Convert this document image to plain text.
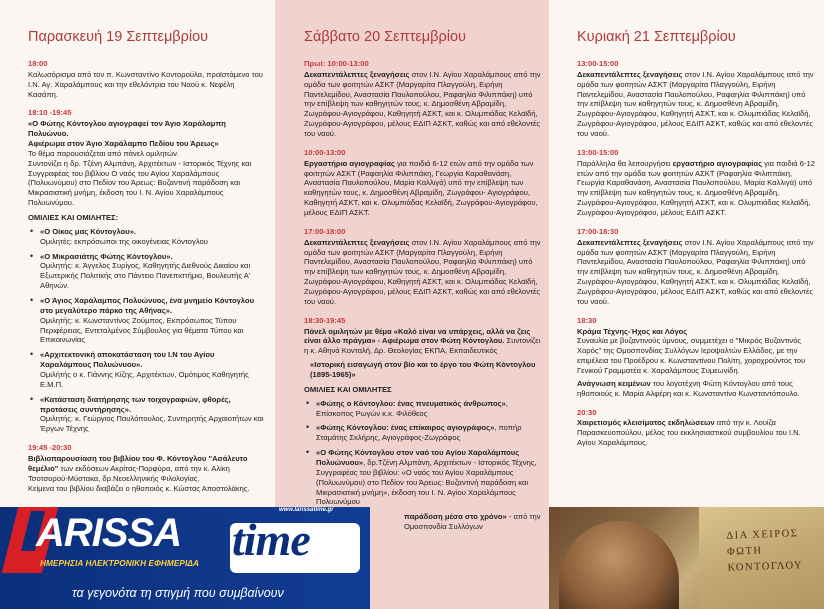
Παρασκευή 19 Σεπτεμβρίου
18:00

Καλωσόρισμα από τον π. Κωνσταντίνο Κοντορούλα, προϊστάμενο του Ι.Ν. Αγ. Χαραλάμπους και την εθελόντρια του Ναού κ. Νεφέλη Κασάπη.

18:10 -19:45

«Ο Φώτης Κόντογλου αγιογραφεί τον Άγιο Χαράλαμπη Πολυώνυο.

Αφιέρωμα στον Άγιο Χαράλαμπο Πεδίου του Άρεως»

Το θέμα παρουσιάζεται από πάνελ ομιλητών.
Συντονίζει η δρ. Τζένη Αλμπάνη, Αρχιτέκτων - Ιστορικός Τέχνης και Συγγραφέας του βιβλίου Ο ναός του Αγίου Χαραλάμπους (Πολυωνύμου) στο Πεδίον του Άρεως: Βυζαντινή παράδοση και Μικρασιατική μνήμη, έκδοση του Ι. Ν. Αγίου Χαραλάμπους Πολυωνύμου.

ΟΜΙΛΙΕΣ ΚΑΙ ΟΜΙΛΗΤΕΣ:
• «Ο Οίκος μας Κόντογλου».
Ομιλητές: εκπρόσωποι της οικογένειας Κόντογλου
• «Ο Μικρασιάτης Φώτης Κόντογλου».
Ομιλητής: κ. Άγγελος Συρίγος, Καθηγητής Διεθνούς Δικαίου και Εξωτερικής Πολιτικής στο Πάντειο Πανεπιστήμιο, Βουλευτής Α' Αθηνών.
• «Ο Άγιος Χαράλαμπος Πολυώνυος, ένα μνημείο Κόντογλου στο μεγαλύτερο πάρκο της Αθήνας».
Ομιλητής: κ. Κωνσταντίνος Ζούμπος, Εκπρόσωπος Τύπου Περιφέρειας, Εντεταλμένος Σύμβουλος για θέματα Τύπου και Επικοινωνίας
• «Αρχιτεκτονική αποκατάσταση του Ι.Ν του Αγίου Χαραλάμπους Πολυώνυου».
Ομιλήτής ο κ. Γιάννης Κίζης, Αρχιτέκτων, Ομότιμος Καθηγητής Ε.Μ.Π.
• «Κατάσταση διατήρησης των τοιχογραφιών, φθορές, προτάσεις συντήρησης».
Ομιλητής: κ. Γεώργιος Παυλόπουλος, Συντηρητής Αρχαιοτήτων και Έργων Τέχνης
19:45 -20:30

Βιβλιοπαρουσίαση του βιβλίου του Φ. Κόντογλου "Ασάλευτο θεμέλιο" των εκδόσεων Ακρίτας-Πορφύρα, από την κ. Αλίκη Τσοτσορού-Μύστακα, δρ.Νεοελληνικής Φιλολογίας.
Κείμενα του βιβλίου διαβάζει ο ηθοποιός κ. Κώστας Αποστολάκης.

Σάββατο 20 Σεπτεμβρίου
Πρωί: 10:00-13:00

Δεκαπεντάλεπτες ξεναγήσεις στον Ι.Ν. Αγίου Χαραλάμπους από την ομάδα των φοιτητών ΑΣΚΤ (Μαργαρίτα Πλαγγούλη, Ειρήνη Παντελεμίδου, Αναστασία Παυλοπούλου, Ραφαηλία Φιλιππάκη) υπό την επίβλεψη των καθηγητών τους, κ. Δημοσθένη Αβραμίδη, Ζωγράφου-Αγιογράφου, Καθηγητή ΑΣΚΤ, και κ. Ολυμπιάδας Κελαϊδή, Ζωγράφου-Αγιογράφου, μέλους ΕΔΙΠ ΑΣΚΤ, καθώς και από εθελοντές του ναού.

10:00-13:00

Εργαστήριο αγιογραφίας για παιδιά 6-12 ετών από την ομάδα των φοιτητών ΑΣΚΤ (Ραφαηλία Φιλιππάκη, Γεωργία Καραθανάση, Αναστασία Παυλοπούλου, Μαρία Καλλιγά) υπό την επίβλεψη των καθηγητών τους, κ. Δημοσθένη Αβραμίδη, Ζωγράφου- Αγιογράφου, Καθηγητή ΑΣΚΤ, και κ. Ολυμπιάδας Κελαϊδή, Ζωγράφου-Αγιογράφου, μέλους ΕΔΙΠ ΑΣΚΤ.

17:00-18:00

Δεκαπεντάλεπτες ξεναγήσεις στον Ι.Ν. Αγίου Χαραλάμπους από την ομάδα των φοιτητών ΑΣΚΤ (Μαργαρίτα Πλαγγούλη, Ειρήνη Παντελεμίδου, Αναστασία Παυλοπούλου, Ραφαηλία Φιλιππάκη) υπό την επίβλεψη των καθηγητών τους, κ. Δημοσθένη Αβραμίδη, Ζωγράφου-Αγιογράφου, Καθηγητή ΑΣΚΤ, και κ. Ολυμπιάδας Κελαϊδή, Ζωγράφου-Αγιογράφου, μέλους ΕΔΙΠ ΑΣΚΤ, καθώς και από εθελοντές του ναού.

18:30-19:45

Πάνελ ομιλητών με θέμα «Καλό είναι να υπάρχεις, αλλά να ζεις είναι άλλο πράγμα» - Αφιέρωμα στον Φώτη Κόντογλου. Συντονίζει η κ. Αθηνά Κονταλή, Δρ. Θεολογίας ΕΚΠΑ, Εκπαιδευτικός

«Ιστορική εισαγωγή στον βίο και το έργο του Φώτη Κόντογλου (1895-1965)»

ΟΜΙΛΙΕΣ ΚΑΙ ΟΜΙΛΗΤΕΣ
• «Φώτης ο Κόντογλου: ένας πνευματικός άνθρωπος», Επίσκοπος Ρωγών κ.κ. Φιλόθεος
• «Φώτης Κόντογλου: ένας επίκαιρος αγιογράφος», ποπήρ Σταμάτης Σκλήρης, Αγιογράφος-Ζωγράφος
• «Ο Φώτης Κόντογλου στον ναό του Αγίου Χαραλάμπους Πολυώνυου», δρ.Τζένη Αλμπάνη, Αρχιτέκτων - Ιστορικός Τέχνης, Συγγραφέας του βιβλίου: «Ο ναός του Αγίου Χαραλάμπους (Πολυωνύμου) στο Πεδίον του Άρεως: Βυζαντινή παράδοση και Μικρασιατική μνήμη», έκδοση του Ι. Ν. Αγίου Χαραλάμπους Πολυωνύμου

παράδοση μέσα στο χρόνο» - από την Ομοσπονδία Συλλόγων

Κυριακή 21 Σεπτεμβρίου
13:00-15:00

Δεκαπεντάλεπτες ξεναγήσεις στον Ι.Ν. Αγίου Χαραλάμπους από την ομάδα των φοιτητών ΑΣΚΤ (Μαργαρίτα Πλαγγούλη, Ειρήνη Παντελεμίδου, Αναστασία Παυλοπούλου, Ραφαηλία Φιλιππάκη) υπό την επίβλεψη των καθηγητών τους, κ. Δημοσθένη Αβραμίδη, Ζωγράφου-Αγιογράφου, Καθηγητή ΑΣΚΤ, και κ. Ολυμπιάδας Κελαϊδή, Ζωγράφου-Αγιογράφου, μέλους ΕΔΙΠ ΑΣΚΤ, καθώς και από εθελοντές του ναού.

13:00-15:00

Παράλληλα θα λειτουργήσει εργαστήριο αγιογραφίας για παιδιά 6-12 ετών από την ομάδα των φοιτητών ΑΣΚΤ (Ραφαηλία Φιλιππάκη, Γεωργία Καραθανάση, Αναστασία Παυλοπούλου, Μαρία Καλλιγά) υπό την επίβλεψη των καθηγητών τους, κ. Δημοσθένη Αβραμίδη, Ζωγράφου-Αγιογράφου, Καθηγητή ΑΣΚΤ, και κ. Ολυμπιάδας Κελαϊδή, Ζωγράφου-Αγιογράφου, μέλους ΕΔΙΠ ΑΣΚΤ.

17:00-18:30

Δεκαπεντάλεπτες ξεναγήσεις στον Ι.Ν. Αγίου Χαραλάμπους από την ομάδα των φοιτητών ΑΣΚΤ (Μαργαρίτα Πλαγγούλη, Ειρήνη Παντελεμίδου, Αναστασία Παυλοπούλου, Ραφαηλία Φιλιππάκη) υπό την επίβλεψη των καθηγητών τους, κ. Δημοσθένη Αβραμίδη, Ζωγράφου-Αγιογράφου, Καθηγητή ΑΣΚΤ, και κ. Ολυμπιάδας Κελαϊδή, Ζωγράφου-Αγιογράφου, μέλους ΕΔΙΠ ΑΣΚΤ, καθώς και από εθελοντές του ναού.

18:30

Κράμα Τέχνης-Ήχος και Λόγος

Συναυλία με βυζαντινούς ύμνους, συμμετέχει ο "Μικρός Βυζαντινός Χορός" της Ομοσπονδίας Συλλόγων Ιεροψαλτών Ελλάδος, με την επιμέλεια του Προέδρου κ. Κωνσταντίνου Πολίτη, χοροχρούντος του Γενικού Γραμματέα κ. Χαραλάμπους Συμεωνίδη.

Ανάγνωση κειμένων του λογοτέχνη Φώτη Κόντογλου από τους ηθοποιούς κ. Μαρία Αλφέρη και κ. Κωνσταντίνο Κωνσταντόπουλο.

20:30

Χαιρετισμός κλεισίματος εκδηλώσεων από την κ. Λουίζα Παρασκευοπούλου, μέλος του εκκλησιαστικού συμβουλίου του Ι.Ν. Αγίου Χαραλάμπους.

ARISSA time
www.larissatime.gr
ΗΜΕΡΗΣΙΑ ΗΛΕΚΤΡΟΝΙΚΗ ΕΦΗΜΕΡΙΔΑ
τα γεγονότα τη στιγμή που συμβαίνουν
ΔΙΑ ΧΕΙΡΟΣ
ΦΩΤΗ ΚΟΝΤΟΓΛΟΥ
